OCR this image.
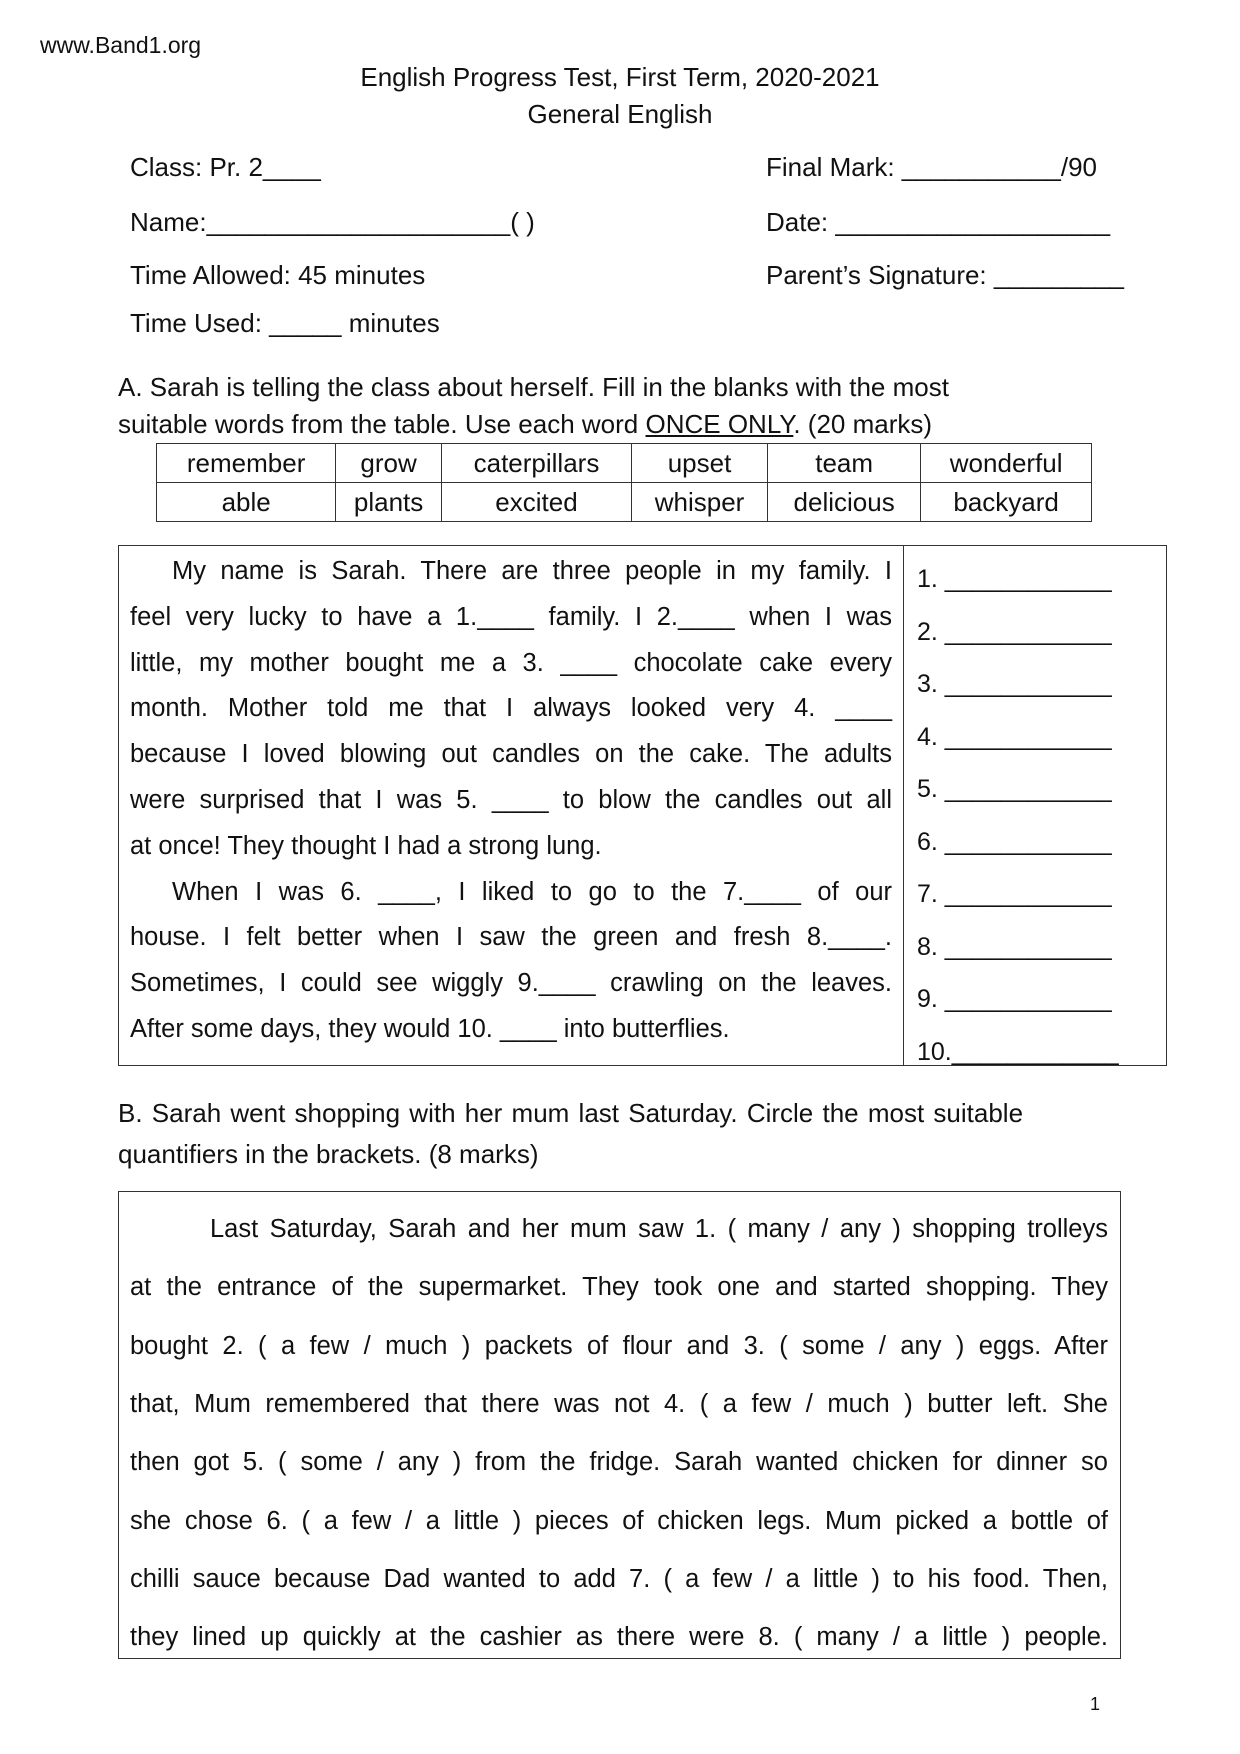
www.Band1.org
English Progress Test, First Term, 2020-2021
General English
Class: Pr. 2____	Final Mark: ___________/90
Name:_____________________( )	Date: ___________________
Time Allowed: 45 minutes	Parent’s Signature: _________
Time Used: _____ minutes
A. Sarah is telling the class about herself. Fill in the blanks with the most
suitable words from the table. Use each word ONCE ONLY. (20 marks)
remember	grow	caterpillars	upset	team	wonderful
able	plants	excited	whisper	delicious	backyard
My name is Sarah. There are three people in my family. I
feel very lucky to have a 1.____ family. I 2.____ when I was
little, my mother bought me a 3. ____ chocolate cake every
month. Mother told me that I always looked very 4. ____
because I loved blowing out candles on the cake. The adults
were surprised that I was 5. ____ to blow the candles out all
at once! They thought I had a strong lung.
When I was 6. ____, I liked to go to the 7.____ of our
house. I felt better when I saw the green and fresh 8.____.
Sometimes, I could see wiggly 9.____ crawling on the leaves.
After some days, they would 10. ____ into butterflies.
1. ____________
2. ____________
3. ____________
4. ____________
5. ____________
6. ____________
7. ____________
8. ____________
9. ____________
10.____________
B. Sarah went shopping with her mum last Saturday. Circle the most suitable
quantifiers in the brackets. (8 marks)
Last Saturday, Sarah and her mum saw 1. ( many / any ) shopping trolleys
at the entrance of the supermarket. They took one and started shopping. They
bought 2. ( a few / much ) packets of flour and 3. ( some / any ) eggs. After
that, Mum remembered that there was not 4. ( a few / much ) butter left. She
then got 5. ( some / any ) from the fridge. Sarah wanted chicken for dinner so
she chose 6. ( a few / a little ) pieces of chicken legs. Mum picked a bottle of
chilli sauce because Dad wanted to add 7. ( a few / a little ) to his food. Then,
they lined up quickly at the cashier as there were 8. ( many / a little ) people.
1
